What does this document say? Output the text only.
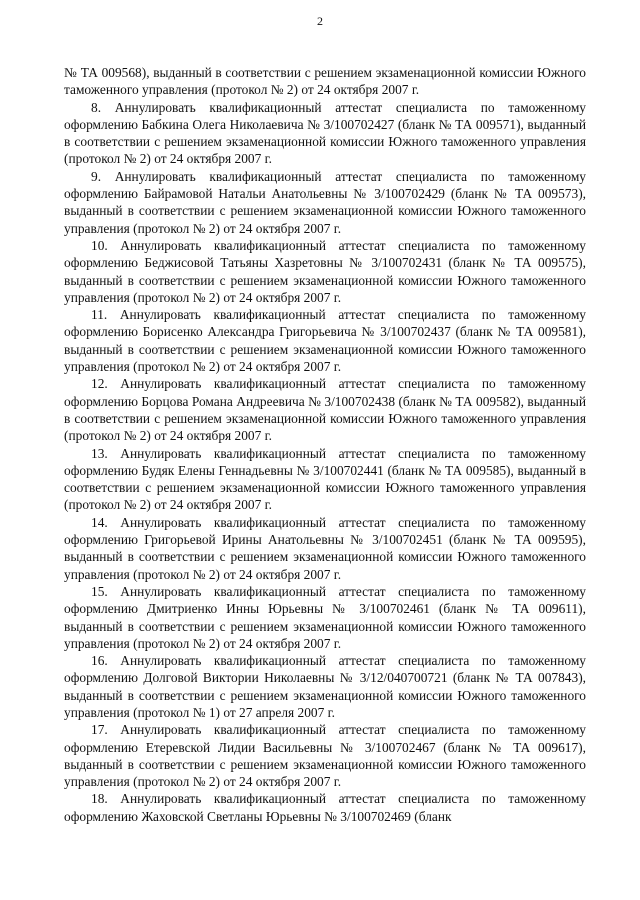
2

№ ТА 009568), выданный в соответствии с решением экзаменационной комиссии Южного таможенного управления (протокол № 2) от 24 октября 2007 г.

8. Аннулировать квалификационный аттестат специалиста по таможенному оформлению Бабкина Олега Николаевича № 3/100702427 (бланк № ТА 009571), выданный в соответствии с решением экзаменационной комиссии Южного таможенного управления (протокол № 2) от 24 октября 2007 г.

9. Аннулировать квалификационный аттестат специалиста по таможенному оформлению Байрамовой Натальи Анатольевны № 3/100702429 (бланк № ТА 009573), выданный в соответствии с решением экзаменационной комиссии Южного таможенного управления (протокол № 2) от 24 октября 2007 г.

10. Аннулировать квалификационный аттестат специалиста по таможенному оформлению Беджисовой Татьяны Хазретовны № 3/100702431 (бланк № ТА 009575), выданный в соответствии с решением экзаменационной комиссии Южного таможенного управления (протокол № 2) от 24 октября 2007 г.

11. Аннулировать квалификационный аттестат специалиста по таможенному оформлению Борисенко Александра Григорьевича № 3/100702437 (бланк № ТА 009581), выданный в соответствии с решением экзаменационной комиссии Южного таможенного управления (протокол № 2) от 24 октября 2007 г.

12. Аннулировать квалификационный аттестат специалиста по таможенному оформлению Борцова Романа Андреевича № 3/100702438 (бланк № ТА 009582), выданный в соответствии с решением экзаменационной комиссии Южного таможенного управления (протокол № 2) от 24 октября 2007 г.

13. Аннулировать квалификационный аттестат специалиста по таможенному оформлению Будяк Елены Геннадьевны № 3/100702441 (бланк № ТА 009585), выданный в соответствии с решением экзаменационной комиссии Южного таможенного управления (протокол № 2) от 24 октября 2007 г.

14. Аннулировать квалификационный аттестат специалиста по таможенному оформлению Григорьевой Ирины Анатольевны № 3/100702451 (бланк № ТА 009595), выданный в соответствии с решением экзаменационной комиссии Южного таможенного управления (протокол № 2) от 24 октября 2007 г.

15. Аннулировать квалификационный аттестат специалиста по таможенному оформлению Дмитриенко Инны Юрьевны № 3/100702461 (бланк № ТА 009611), выданный в соответствии с решением экзаменационной комиссии Южного таможенного управления (протокол № 2) от 24 октября 2007 г.

16. Аннулировать квалификационный аттестат специалиста по таможенному оформлению Долговой Виктории Николаевны № 3/12/040700721 (бланк № ТА 007843), выданный в соответствии с решением экзаменационной комиссии Южного таможенного управления (протокол № 1) от 27 апреля 2007 г.

17. Аннулировать квалификационный аттестат специалиста по таможенному оформлению Етеревской Лидии Васильевны № 3/100702467 (бланк № ТА 009617), выданный в соответствии с решением экзаменационной комиссии Южного таможенного управления (протокол № 2) от 24 октября 2007 г.

18. Аннулировать квалификационный аттестат специалиста по таможенному оформлению Жаховской Светланы Юрьевны № 3/100702469 (бланк
